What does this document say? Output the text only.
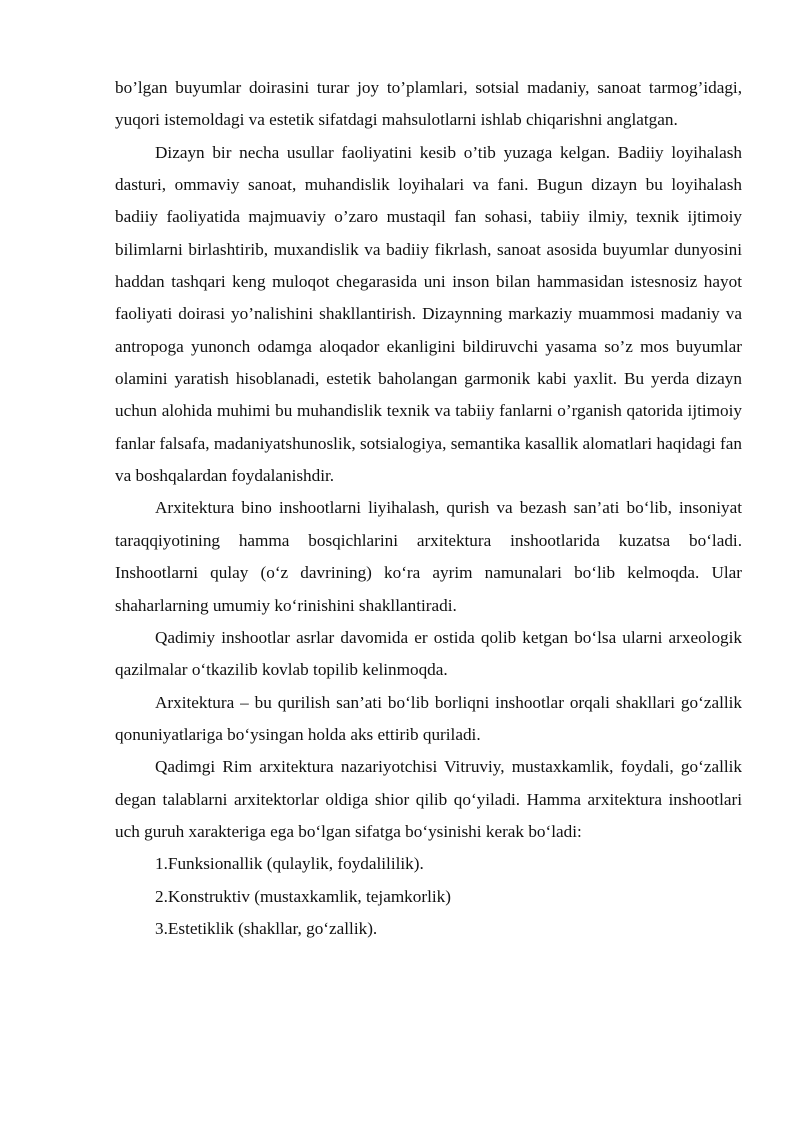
bo’lgan buyumlar doirasini turar joy to’plamlari, sotsial madaniy, sanoat tarmog’idagi, yuqori istemoldagi va estetik sifatdagi mahsulotlarni ishlab chiqarishni anglatgan.

Dizayn bir necha usullar faoliyatini kesib o’tib yuzaga kelgan. Badiiy loyihalash dasturi, ommaviy sanoat, muhandislik loyihalari va fani. Bugun dizayn bu loyihalash badiiy faoliyatida majmuaviy o’zaro mustaqil fan sohasi, tabiiy ilmiy, texnik ijtimoiy bilimlarni birlashtirib, muxandislik va badiiy fikrlash, sanoat asosida buyumlar dunyosini haddan tashqari keng muloqot chegarasida uni inson bilan hammasidan istesnosiz hayot faoliyati doirasi yo’nalishini shakllantirish. Dizaynning markaziy muammosi madaniy va antropoga yunonch odamga aloqador ekanligini bildiruvchi yasama so’z mos buyumlar olamini yaratish hisoblanadi, estetik baholangan garmonik kabi yaxlit. Bu yerda dizayn uchun alohida muhimi bu muhandislik texnik va tabiiy fanlarni o’rganish qatorida ijtimoiy fanlar falsafa, madaniyatshunoslik, sotsialogiya, semantika kasallik alomatlari haqidagi fan va boshqalardan foydalanishdir.

Arxitektura bino inshootlarni liyihalash, qurish va bezash san’ati bo‘lib, insoniyat taraqqiyotining hamma bosqichlarini arxitektura inshootlarida kuzatsa bo‘ladi. Inshootlarni qulay (o‘z davrining) ko‘ra ayrim namunalari bo‘lib kelmoqda. Ular shaharlarning umumiy ko‘rinishini shakllantiradi.

Qadimiy inshootlar asrlar davomida er ostida qolib ketgan bo‘lsa ularni arxeologik qazilmalar o‘tkazilib kovlab topilib kelinmoqda.

Arxitektura – bu qurilish san’ati bo‘lib borliqni inshootlar orqali shakllari go‘zallik qonuniyatlariga bo‘ysingan holda aks ettirib quriladi.

Qadimgi Rim arxitektura nazariyotchisi Vitruviy, mustaxkamlik, foydali, go‘zallik degan talablarni arxitektorlar oldiga shior qilib qo‘yiladi. Hamma arxitektura inshootlari uch guruh xarakteriga ega bo‘lgan sifatga bo‘ysinishi kerak bo‘ladi:

1.Funksionallik (qulaylik, foydalililik).

2.Konstruktiv (mustaxkamlik, tejamkorlik)

3.Estetiklik (shakllar, go‘zallik).
